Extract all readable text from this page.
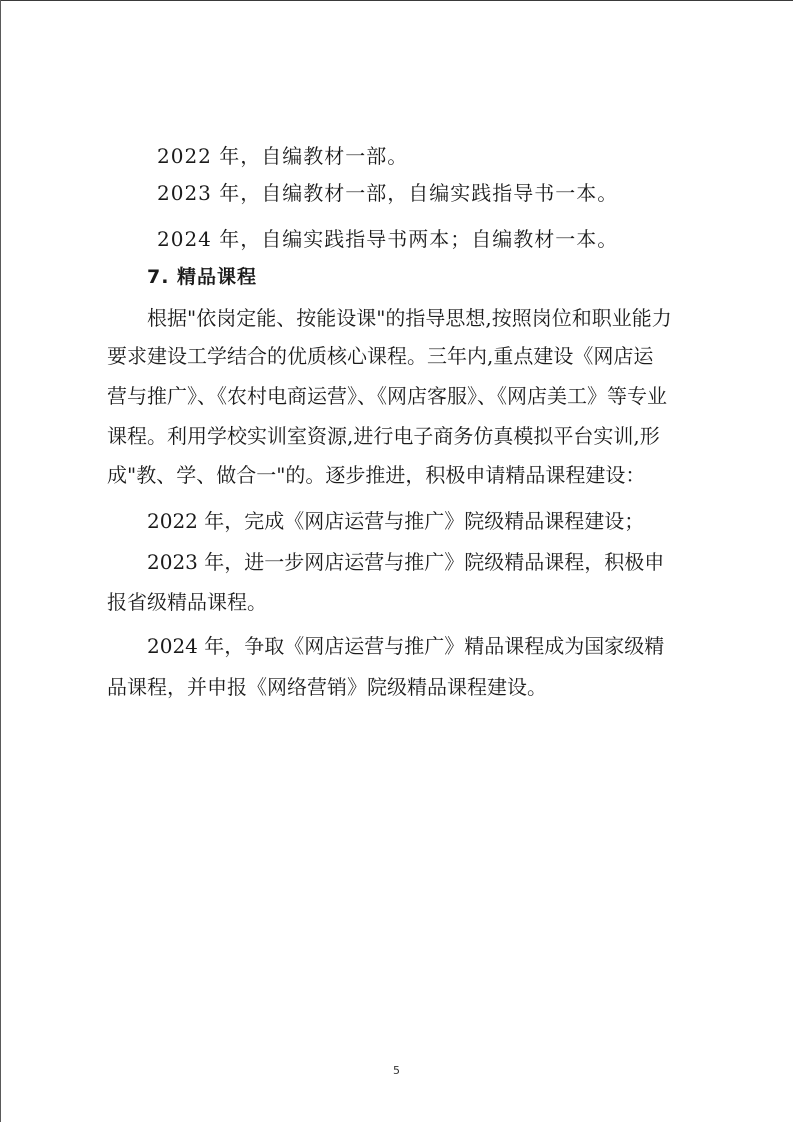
2022 年，自编教材一部。
2023 年，自编教材一部，自编实践指导书一本。
2024 年，自编实践指导书两本；自编教材一本。
7. 精品课程
根据"依岗定能、按能设课"的指导思想,按照岗位和职业能力
要求建设工学结合的优质核心课程。三年内,重点建设《网店运
营与推广》、《农村电商运营》、《网店客服》、《网店美工》等专业
课程。利用学校实训室资源,进行电子商务仿真模拟平台实训,形
成"教、学、做合一"的。逐步推进，积极申请精品课程建设：
2022 年，完成《网店运营与推广》院级精品课程建设；
2023 年，进一步网店运营与推广》院级精品课程，积极申
报省级精品课程。
2024 年，争取《网店运营与推广》精品课程成为国家级精
品课程，并申报《网络营销》院级精品课程建设。
5
